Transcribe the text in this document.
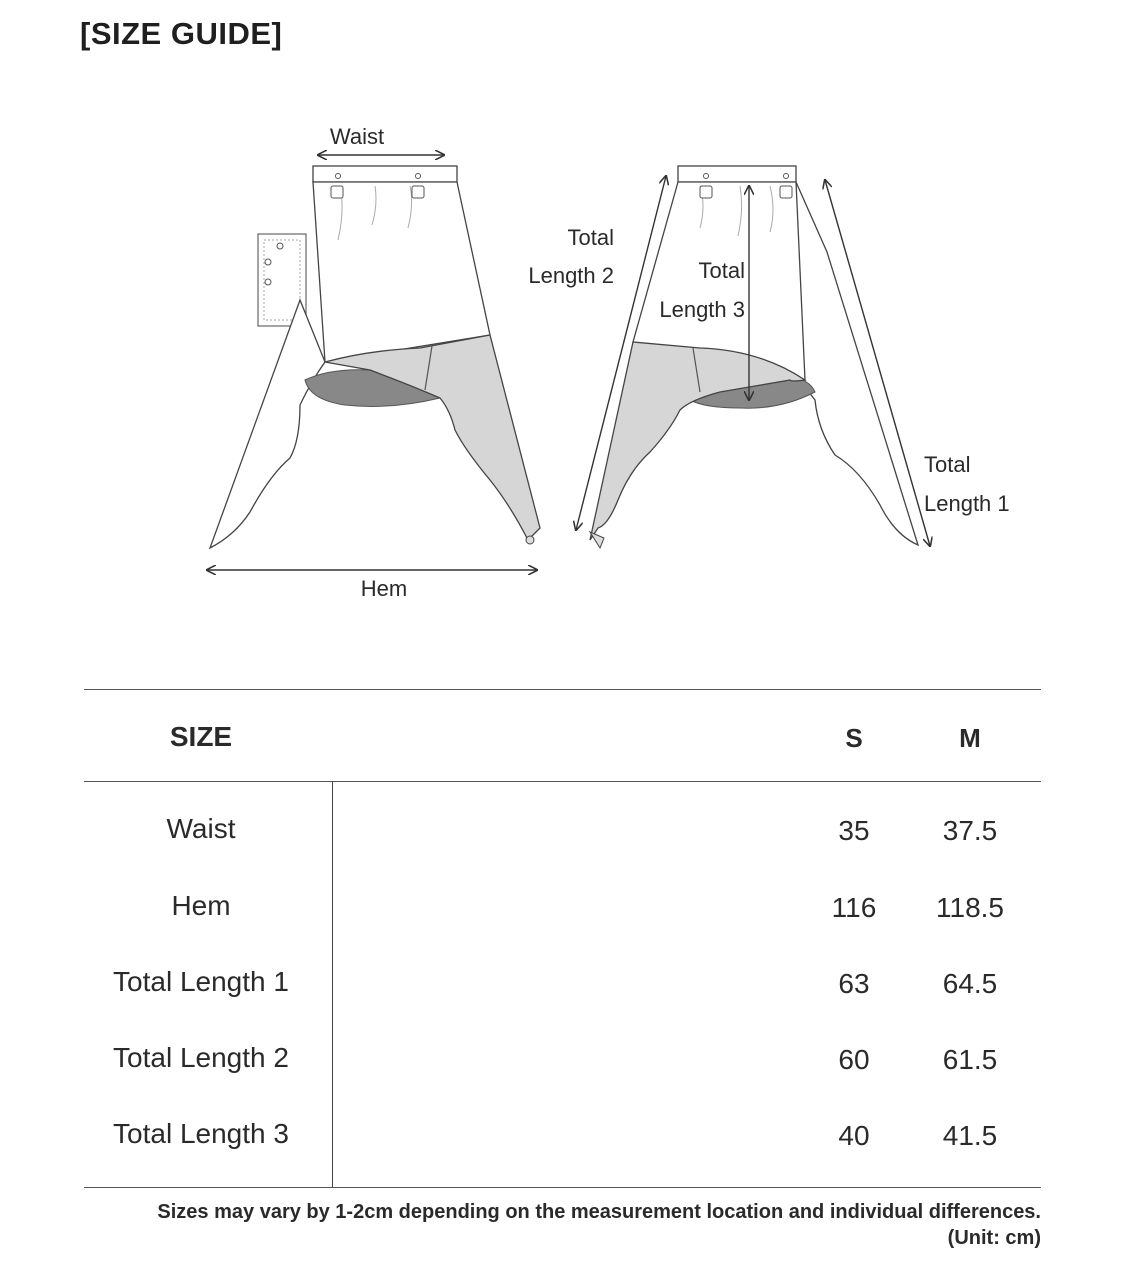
[SIZE GUIDE]
Waist
Hem
Total
Length 2	Total
Length 3
Total
Length 1
SIZE	S	M
Waist	35	37.5
Hem	116	118.5
Total Length 1	63	64.5
Total Length 2	60	61.5
Total Length 3	40	41.5
Sizes may vary by 1-2cm depending on the measurement location and individual differences.
(Unit: cm)
